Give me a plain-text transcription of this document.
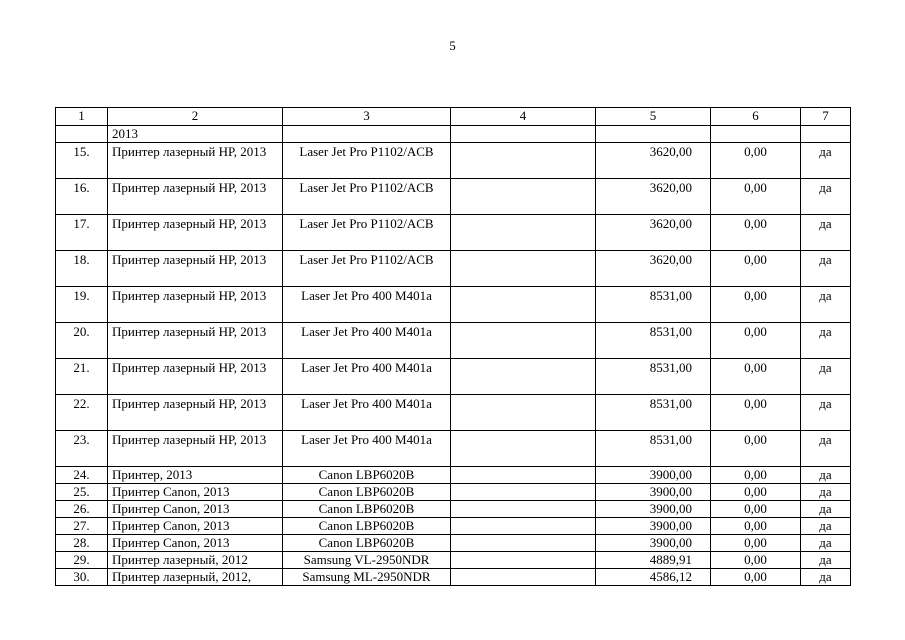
5
1	2	3	4	5	6	7
	2013					
15.	Принтер лазерный HP, 2013	Laser Jet Pro P1102/ACB		3620,00	0,00	да
16.	Принтер лазерный HP, 2013	Laser Jet Pro P1102/ACB		3620,00	0,00	да
17.	Принтер лазерный HP, 2013	Laser Jet Pro P1102/ACB		3620,00	0,00	да
18.	Принтер лазерный HP, 2013	Laser Jet Pro P1102/ACB		3620,00	0,00	да
19.	Принтер лазерный HP, 2013	Laser Jet Pro 400 M401a		8531,00	0,00	да
20.	Принтер лазерный HP, 2013	Laser Jet Pro 400 M401a		8531,00	0,00	да
21.	Принтер лазерный HP, 2013	Laser Jet Pro 400 M401a		8531,00	0,00	да
22.	Принтер лазерный HP, 2013	Laser Jet Pro 400 M401a		8531,00	0,00	да
23.	Принтер лазерный HP, 2013	Laser Jet Pro 400 M401a		8531,00	0,00	да
24.	Принтер, 2013	Canon LBP6020B		3900,00	0,00	да
25.	Принтер Canon, 2013	Canon LBP6020B		3900,00	0,00	да
26.	Принтер Canon, 2013	Canon LBP6020B		3900,00	0,00	да
27.	Принтер Canon, 2013	Canon LBP6020B		3900,00	0,00	да
28.	Принтер Canon, 2013	Canon LBP6020B		3900,00	0,00	да
29.	Принтер лазерный, 2012	Samsung VL-2950NDR		4889,91	0,00	да
30.	Принтер лазерный, 2012,	Samsung ML-2950NDR		4586,12	0,00	да
